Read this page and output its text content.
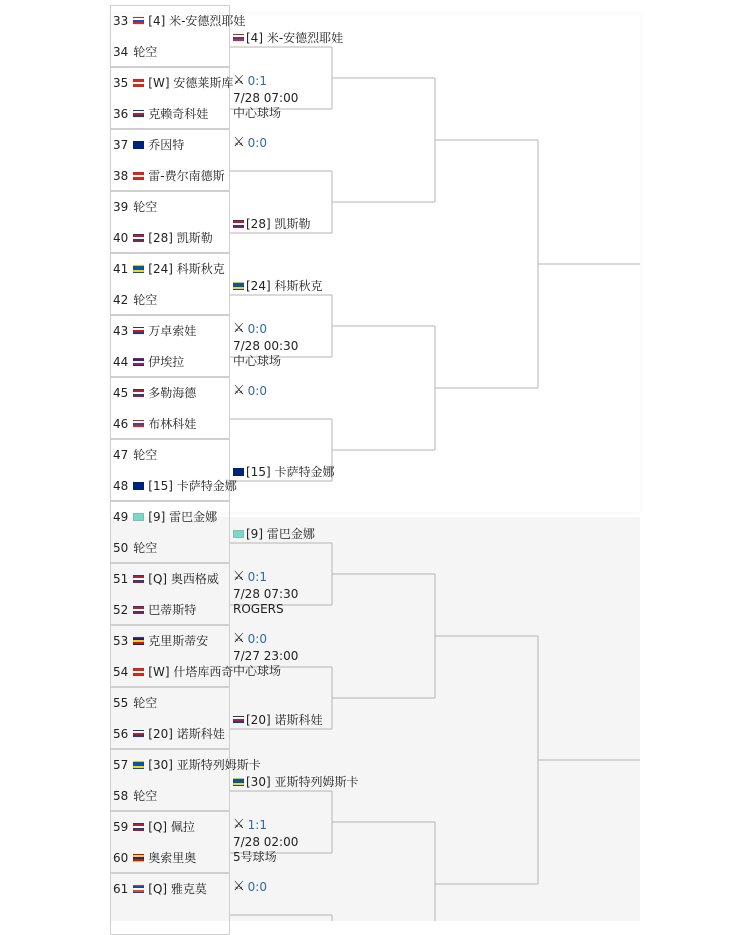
33 [4] 米-安德烈耶娃
34 轮空
35 [W] 安德莱斯库
36 克赖奇科娃
37 乔因特
38 雷-费尔南德斯
39 轮空
40 [28] 凯斯勒
41 [24] 科斯秋克
42 轮空
43 万卓索娃
44 伊埃拉
45 多勒海德
46 布林科娃
47 轮空
48 [15] 卡萨特金娜
49 [9] 雷巴金娜
50 轮空
51 [Q] 奥西格威
52 巴蒂斯特
53 克里斯蒂安
54 [W] 什塔库西奇
55 轮空
56 [20] 诺斯科娃
57 [30] 亚斯特列姆斯卡
58 轮空
59 [Q] 佩拉
60 奥索里奥
61 [Q] 雅克莫
[4] 米-安德烈耶娃
⚔ 0:1
7/28 07:00
中心球场
⚔ 0:0
[28] 凯斯勒
[24] 科斯秋克
⚔ 0:0
7/28 00:30
中心球场
⚔ 0:0
[15] 卡萨特金娜
[9] 雷巴金娜
⚔ 0:1
7/28 07:30
ROGERS
⚔ 0:0
7/27 23:00
中心球场
[20] 诺斯科娃
[30] 亚斯特列姆斯卡
⚔ 1:1
7/28 02:00
5号球场
⚔ 0:0
